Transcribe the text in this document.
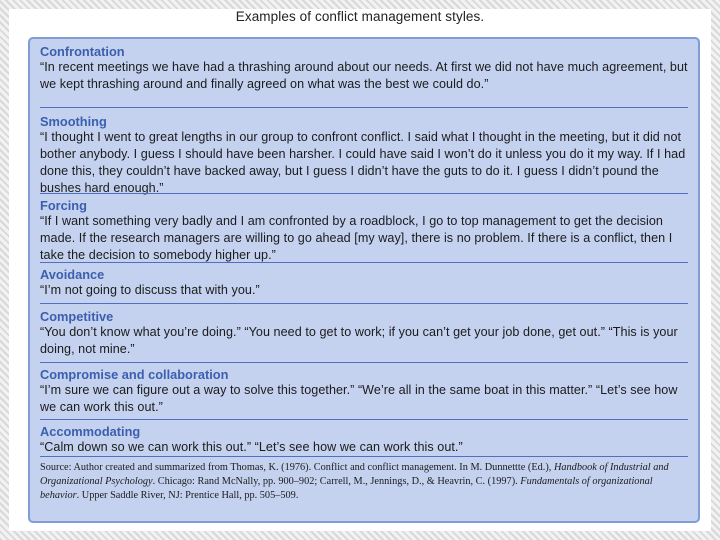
Examples of conflict management styles.

Confrontation

“In recent meetings we have had a thrashing around about our needs. At first we did not have much agreement, but we kept thrashing around and finally agreed on what was the best we could do.”

Smoothing

“I thought I went to great lengths in our group to confront conflict. I said what I thought in the meeting, but it did not bother anybody. I guess I should have been harsher. I could have said I won’t do it unless you do it my way. If I had done this, they couldn’t have backed away, but I guess I didn’t have the guts to do it. I guess I didn’t pound the bushes hard enough.”

Forcing

“If I want something very badly and I am confronted by a roadblock, I go to top management to get the decision made. If the research managers are willing to go ahead [my way], there is no problem. If there is a conflict, then I take the decision to somebody higher up.”

Avoidance

“I’m not going to discuss that with you.”

Competitive

“You don’t know what you’re doing.” “You need to get to work; if you can’t get your job done, get out.” “This is your doing, not mine.”

Compromise and collaboration

“I’m sure we can figure out a way to solve this together.” “We’re all in the same boat in this matter.” “Let’s see how we can work this out.”

Accommodating

“Calm down so we can work this out.” “Let’s see how we can work this out.”

Source: Author created and summarized from Thomas, K. (1976). Conflict and conflict management. In M. Dunnettte (Ed.), Handbook of Industrial and Organizational Psychology. Chicago: Rand McNally, pp. 900–902; Carrell, M., Jennings, D., & Heavrin, C. (1997). Fundamentals of organizational behavior. Upper Saddle River, NJ: Prentice Hall, pp. 505–509.
